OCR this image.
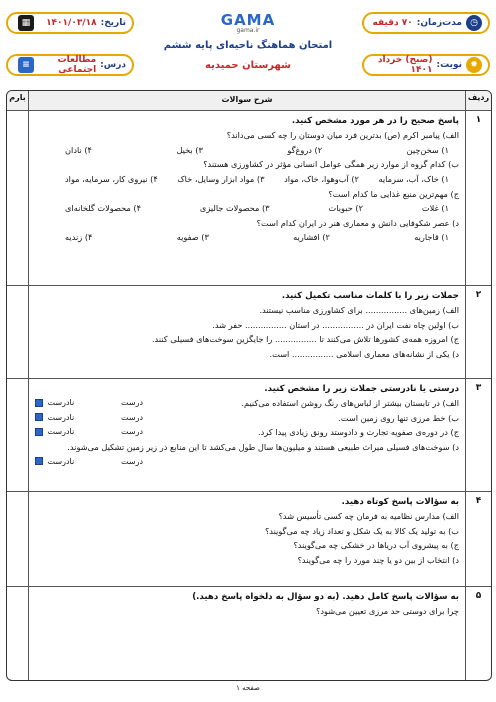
◷
مدت‌زمان:
۷۰ دقیقه
✹
نوبت:
(صبح) خرداد ۱۴۰۱
تاریخ:
۱۴۰۱/۰۳/۱۸
▦
درس:
مطالعات اجتماعی
≡
GAMA
gama.ir
امتحان هماهنگ ناحیه‌ای پایه ششم
شهرستان حمیدیه
ردیف
شرح سوالات
بارم
۱
پاسخ صحیح را در هر مورد مشخص کنید.
الف) پیامبر اکرم (ص) بدترین فرد میان دوستان را چه کسی می‌داند؟
۱) سخن‌چین
۲) دروغ‌گو
۳) بخیل
۴) نادان
ب) کدام گروه از موارد زیر همگی عوامل انسانی مؤثر در کشاورزی هستند؟
۱) خاک، آب، سرمایه
۲) آب‌وهوا، خاک، مواد
۳) مواد ابزار وسایل، خاک
۴) نیروی کار، سرمایه، مواد
ج) مهم‌ترین منبع غذایی ما کدام است؟
۱) غلات
۲) حبوبات
۳) محصولات جالیزی
۴) محصولات گلخانه‌ای
د) عصر شکوفایی دانش و معماری هنر در ایران کدام است؟
۱) قاجاریه
۲) افشاریه
۳) صفویه
۴) زندیه
۲
جملات زیر را با کلمات مناسب تکمیل کنید.
الف) زمین‌های ................ برای کشاورزی مناسب نیستند.
ب) اولین چاه نفت ایران در ................ در استان ................ حفر شد.
ج) امروزه همه‌ی کشورها تلاش می‌کنند تا ................ را جایگزین سوخت‌های فسیلی کنند.
د) یکی از نشانه‌های معماری اسلامی ................ است.
۳
درستی یا نادرستی جملات زیر را مشخص کنید.
الف) در تابستان بیشتر از لباس‌های رنگ روشن استفاده می‌کنیم.
درست
نادرست
ب) خط مرزی تنها روی زمین است.
درست
نادرست
ج) در دوره‌ی صفویه تجارت و داد‌وستد رونق زیادی پیدا کرد.
درست
نادرست
د) سوخت‌های فسیلی میراث طبیعی هستند و میلیون‌ها سال طول می‌کشد تا این منابع در زیر زمین تشکیل می‌شوند.
درست
نادرست
۴
به سؤالات پاسخ کوتاه دهید.
الف) مدارس نظامیه به فرمان چه کسی تأسیس شد؟
ب) به تولید یک کالا به یک شکل و تعداد زیاد چه می‌گویند؟
ج) به پیشروی آب دریاها در خشکی چه می‌گویند؟
د) انتخاب از بین دو یا چند مورد را چه می‌گویند؟
۵
به سؤالات پاسخ کامل دهید. (به دو سؤال به دلخواه پاسخ دهید.)
چرا برای دوستی حد مرزی تعیین می‌شود؟
صفحه ۱
